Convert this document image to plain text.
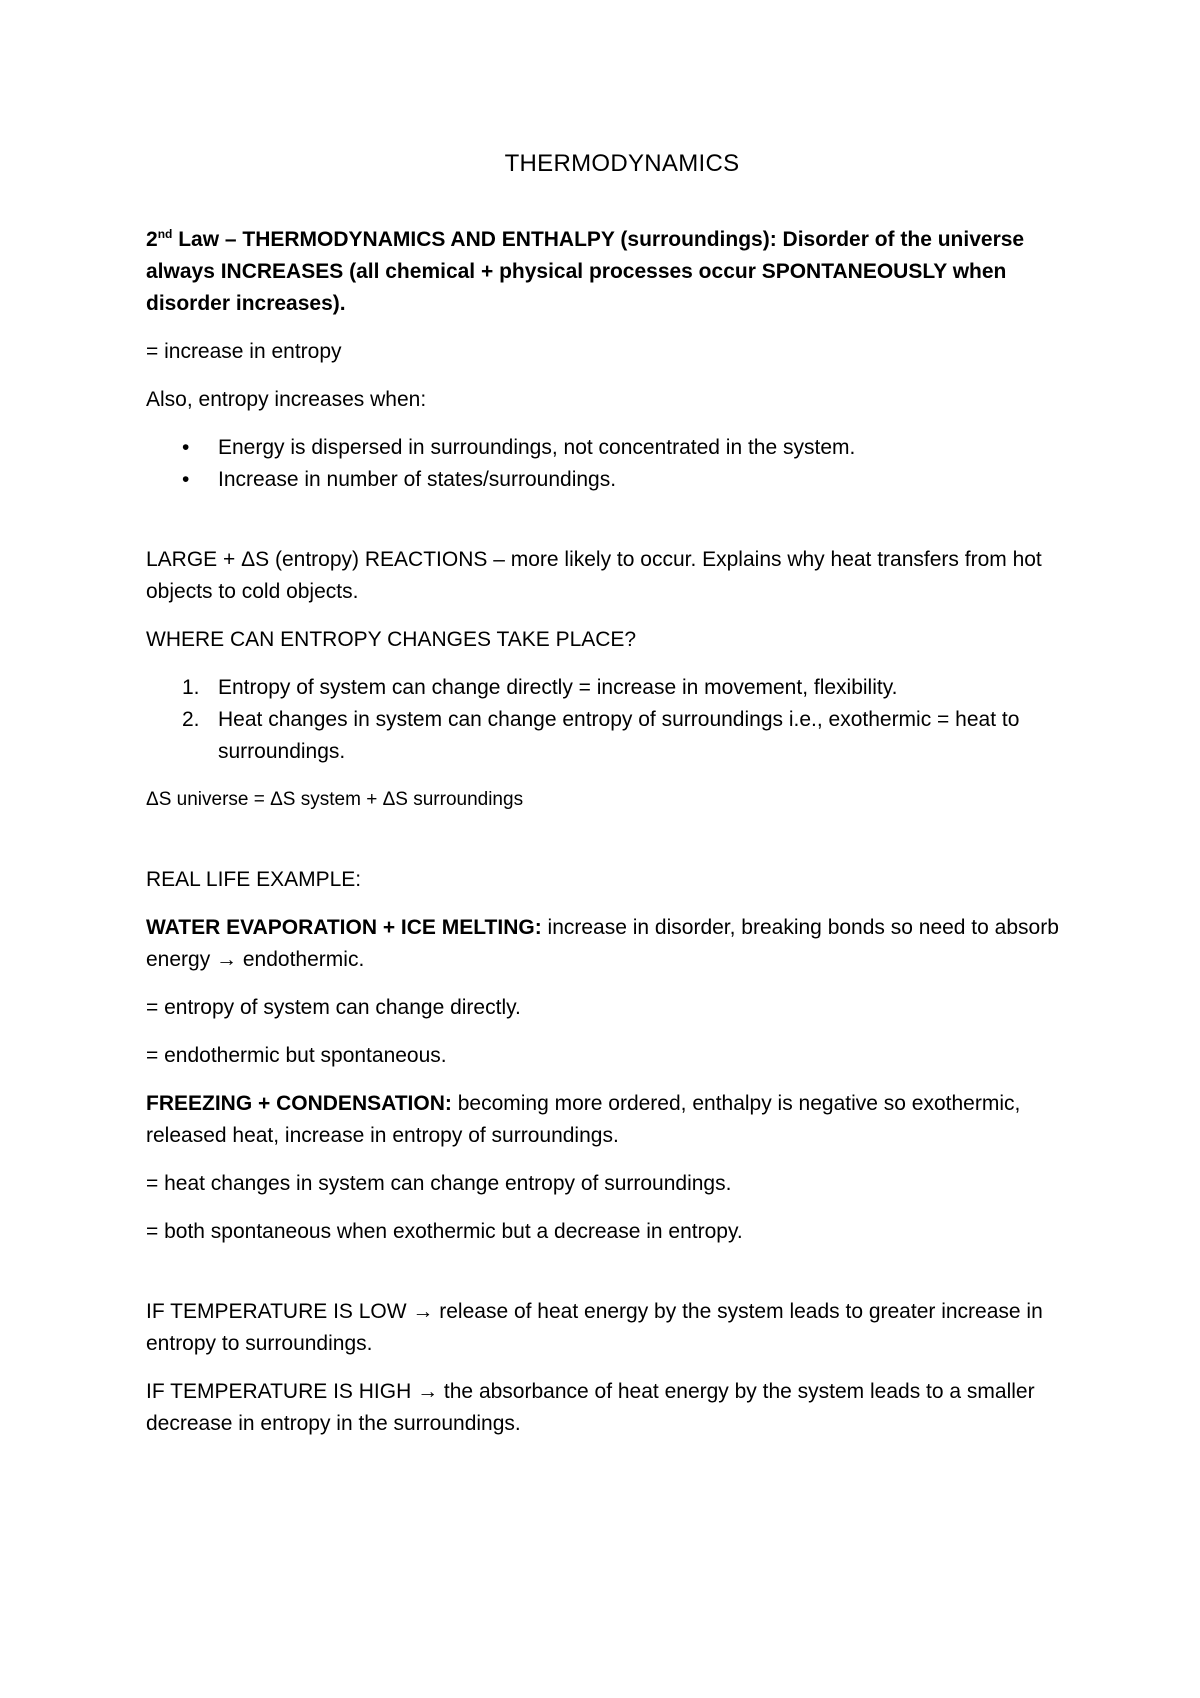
THERMODYNAMICS

2nd Law – THERMODYNAMICS AND ENTHALPY (surroundings): Disorder of the universe always INCREASES (all chemical + physical processes occur SPONTANEOUSLY when disorder increases).

= increase in entropy

Also, entropy increases when:

• Energy is dispersed in surroundings, not concentrated in the system.
• Increase in number of states/surroundings.

LARGE + ΔS (entropy) REACTIONS – more likely to occur. Explains why heat transfers from hot objects to cold objects.

WHERE CAN ENTROPY CHANGES TAKE PLACE?

1. Entropy of system can change directly = increase in movement, flexibility.
2. Heat changes in system can change entropy of surroundings i.e., exothermic = heat to surroundings.

ΔS universe = ΔS system + ΔS surroundings

REAL LIFE EXAMPLE:

WATER EVAPORATION + ICE MELTING: increase in disorder, breaking bonds so need to absorb energy → endothermic.

= entropy of system can change directly.

= endothermic but spontaneous.

FREEZING + CONDENSATION: becoming more ordered, enthalpy is negative so exothermic, released heat, increase in entropy of surroundings.

= heat changes in system can change entropy of surroundings.

= both spontaneous when exothermic but a decrease in entropy.

IF TEMPERATURE IS LOW → release of heat energy by the system leads to greater increase in entropy to surroundings.

IF TEMPERATURE IS HIGH → the absorbance of heat energy by the system leads to a smaller decrease in entropy in the surroundings.
